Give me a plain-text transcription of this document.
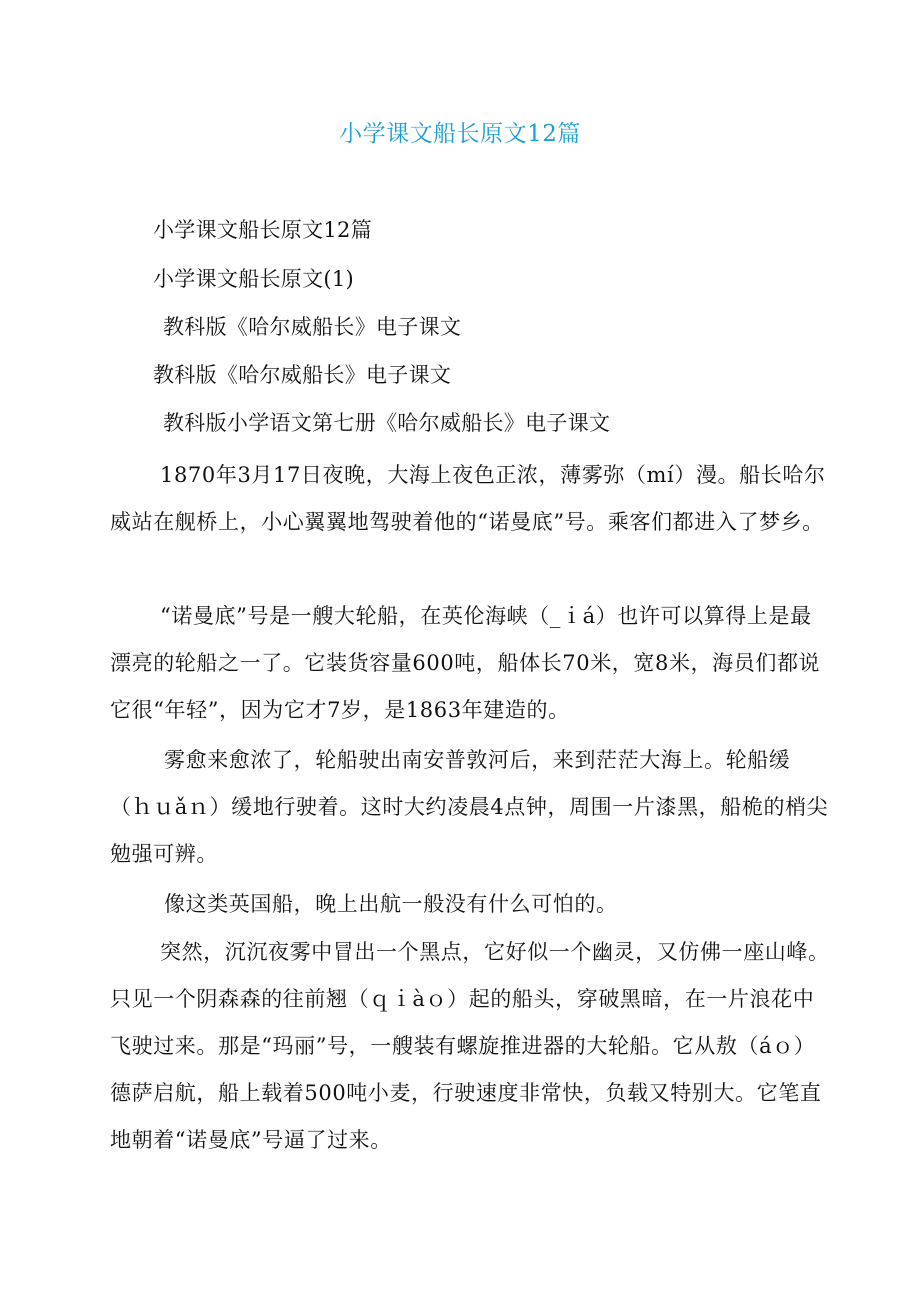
小学课文船长原文12篇
小学课文船长原文12篇
小学课文船长原文(1)
教科版《哈尔威船长》电子课文
教科版《哈尔威船长》电子课文
教科版小学语文第七册《哈尔威船长》电子课文
1870年3月17日夜晚，大海上夜色正浓，薄雾弥（mí）漫。船长哈尔威站在舰桥上，小心翼翼地驾驶着他的“诺曼底”号。乘客们都进入了梦乡。
“诺曼底”号是一艘大轮船，在英伦海峡（_ｉá）也许可以算得上是最漂亮的轮船之一了。它装货容量600吨，船体长70米，宽8米，海员们都说它很“年轻”，因为它才7岁，是1863年建造的。
雾愈来愈浓了，轮船驶出南安普敦河后，来到茫茫大海上。轮船缓（ｈｕǎｎ）缓地行驶着。这时大约凌晨4点钟，周围一片漆黑，船桅的梢尖勉强可辨。
像这类英国船，晚上出航一般没有什么可怕的。
突然，沉沉夜雾中冒出一个黑点，它好似一个幽灵，又仿佛一座山峰。只见一个阴森森的往前翘（ｑｉàｏ）起的船头，穿破黑暗，在一片浪花中飞驶过来。那是“玛丽”号，一艘装有螺旋推进器的大轮船。它从敖（áｏ）德萨启航，船上载着500吨小麦，行驶速度非常快，负载又特别大。它笔直地朝着“诺曼底”号逼了过来。
